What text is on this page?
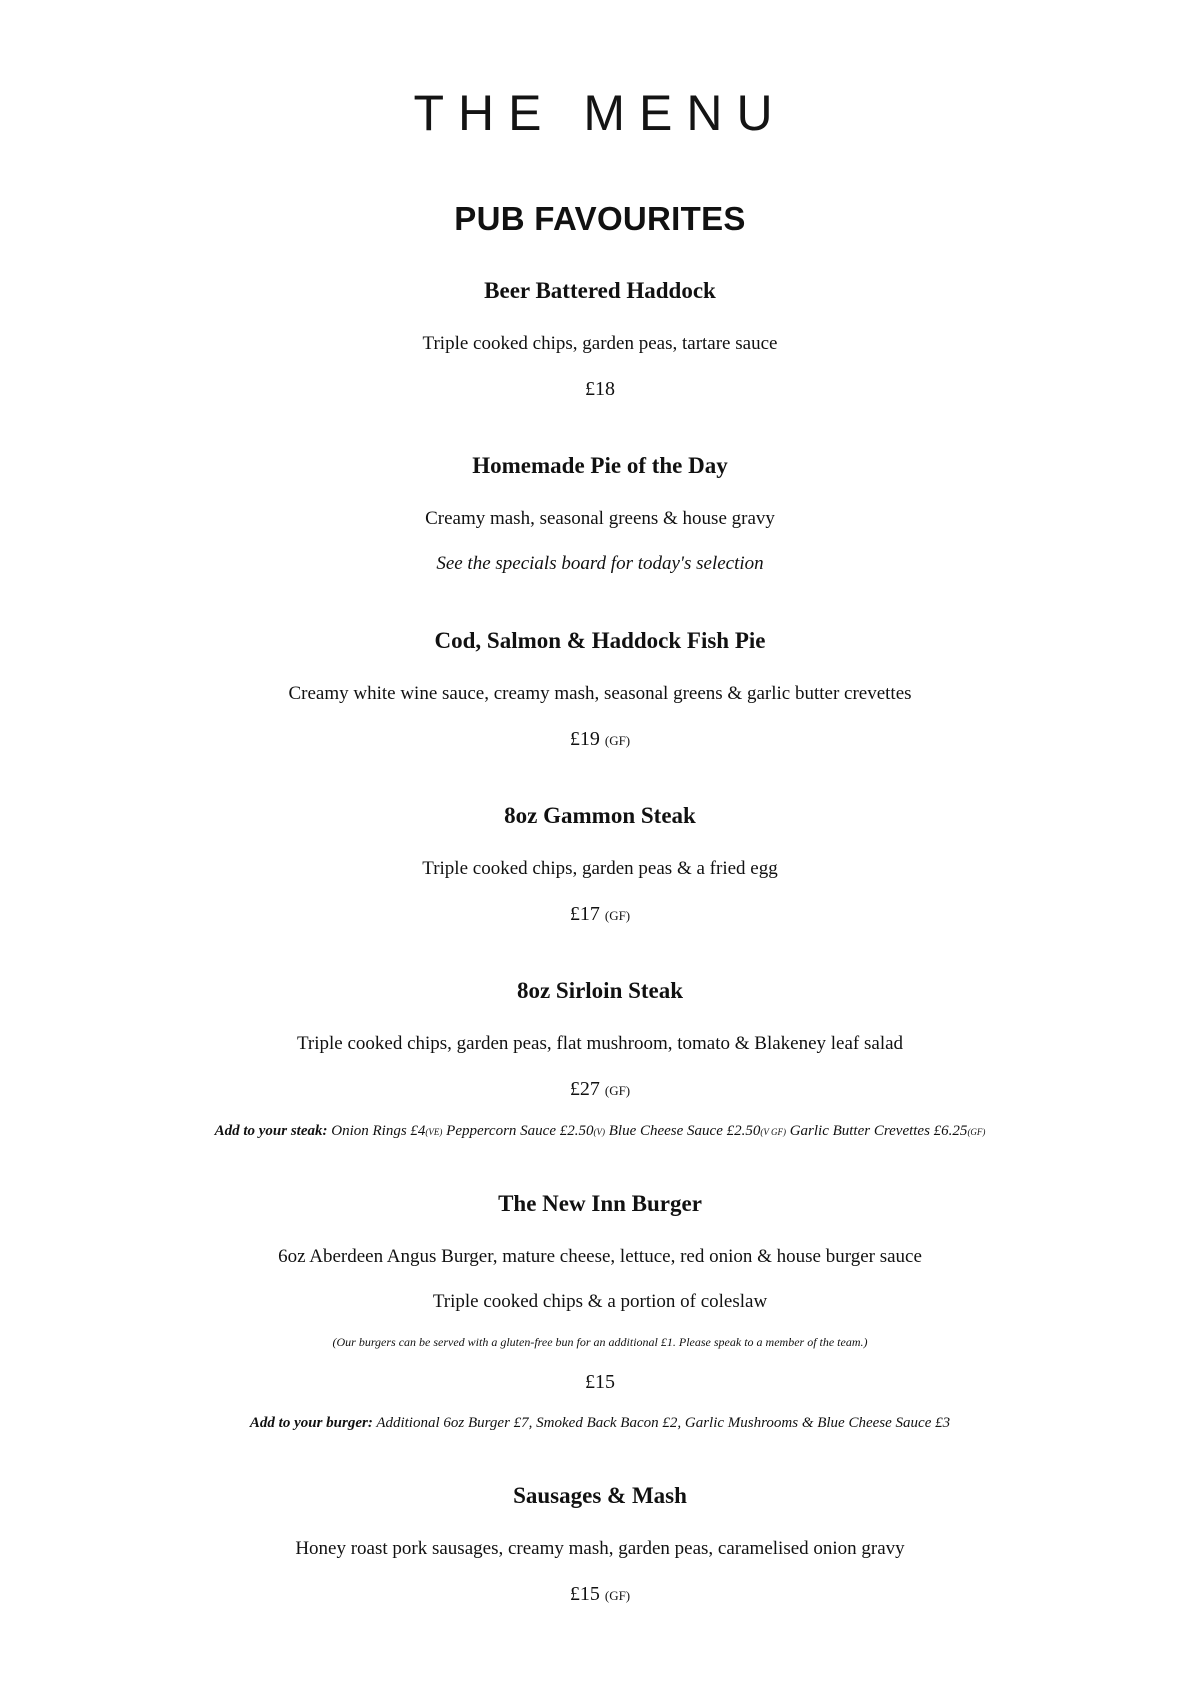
THE MENU
PUB FAVOURITES
Beer Battered Haddock
Triple cooked chips, garden peas, tartare sauce
£18
Homemade Pie of the Day
Creamy mash, seasonal greens & house gravy
See the specials board for today's selection
Cod, Salmon & Haddock Fish Pie
Creamy white wine sauce, creamy mash, seasonal greens & garlic butter crevettes
£19 (GF)
8oz Gammon Steak
Triple cooked chips, garden peas & a fried egg
£17 (GF)
8oz Sirloin Steak
Triple cooked chips, garden peas, flat mushroom, tomato & Blakeney leaf salad
£27 (GF)
Add to your steak: Onion Rings £4(VE) Peppercorn Sauce £2.50(V) Blue Cheese Sauce £2.50(V GF) Garlic Butter Crevettes £6.25(GF)
The New Inn Burger
6oz Aberdeen Angus Burger, mature cheese, lettuce, red onion & house burger sauce
Triple cooked chips & a portion of coleslaw
(Our burgers can be served with a gluten-free bun for an additional £1. Please speak to a member of the team.)
£15
Add to your burger: Additional 6oz Burger £7, Smoked Back Bacon £2, Garlic Mushrooms & Blue Cheese Sauce £3
Sausages & Mash
Honey roast pork sausages, creamy mash, garden peas, caramelised onion gravy
£15 (GF)
